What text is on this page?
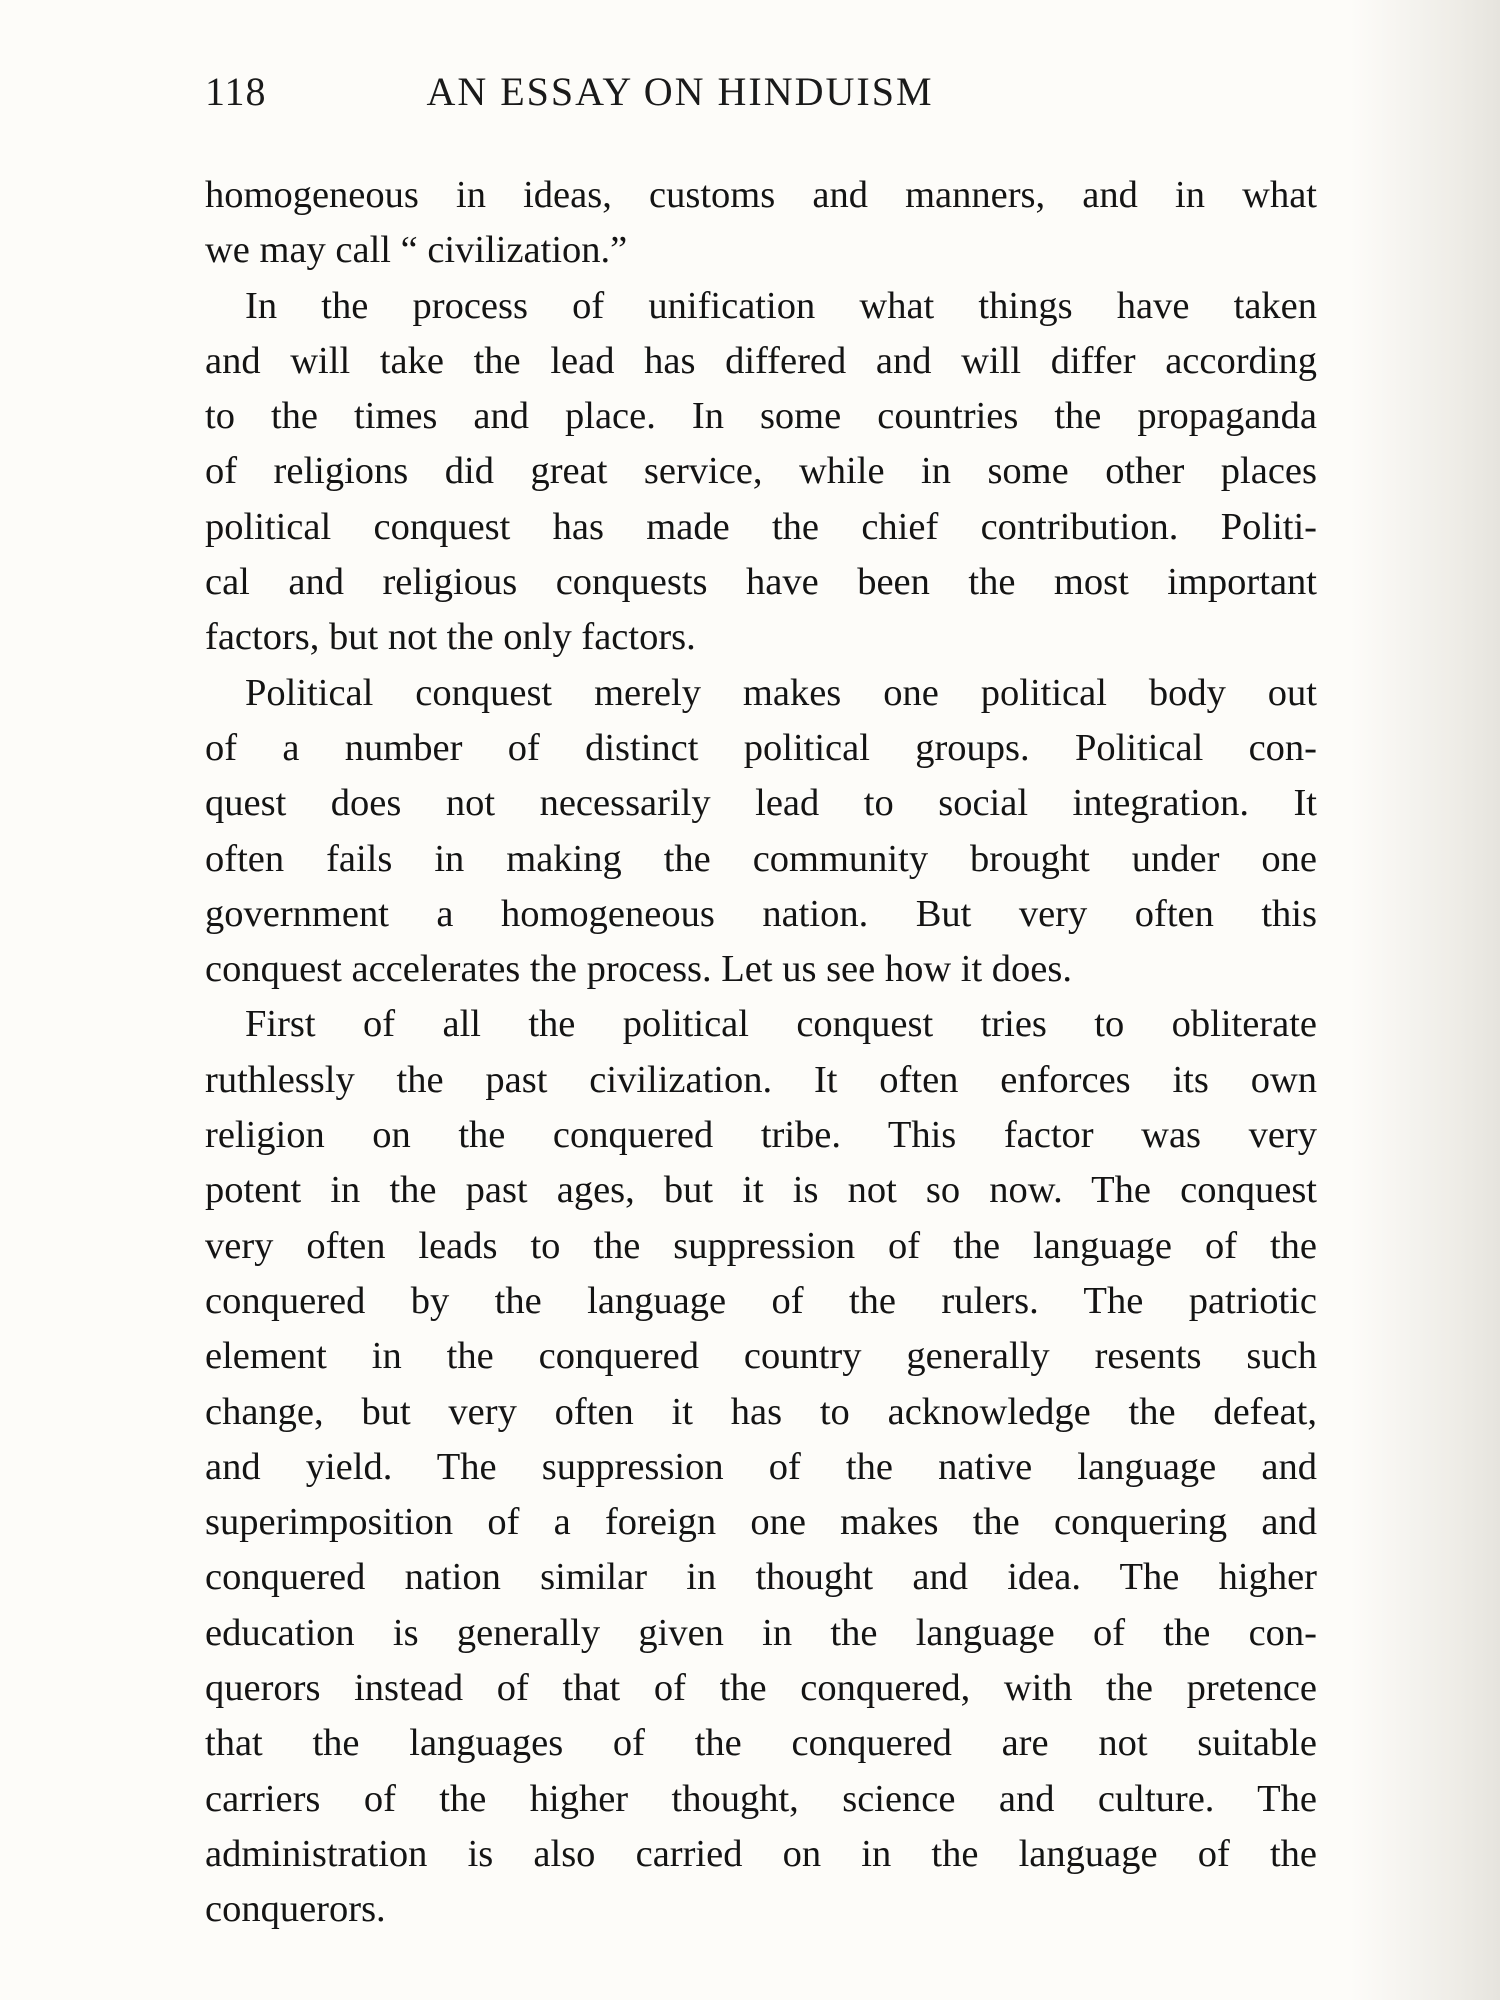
118	AN ESSAY ON HINDUISM

homogeneous in ideas, customs and manners, and in what
we may call “ civilization.”

In the process of unification what things have taken
and will take the lead has differed and will differ according
to the times and place. In some countries the propaganda
of religions did great service, while in some other places
political conquest has made the chief contribution. Politi-
cal and religious conquests have been the most important
factors, but not the only factors.

Political conquest merely makes one political body out
of a number of distinct political groups. Political con-
quest does not necessarily lead to social integration. It
often fails in making the community brought under one
government a homogeneous nation. But very often this
conquest accelerates the process. Let us see how it does.

First of all the political conquest tries to obliterate
ruthlessly the past civilization. It often enforces its own
religion on the conquered tribe. This factor was very
potent in the past ages, but it is not so now. The conquest
very often leads to the suppression of the language of the
conquered by the language of the rulers. The patriotic
element in the conquered country generally resents such
change, but very often it has to acknowledge the defeat,
and yield. The suppression of the native language and
superimposition of a foreign one makes the conquering and
conquered nation similar in thought and idea. The higher
education is generally given in the language of the con-
querors instead of that of the conquered, with the pretence
that the languages of the conquered are not suitable
carriers of the higher thought, science and culture. The
administration is also carried on in the language of the
conquerors.
